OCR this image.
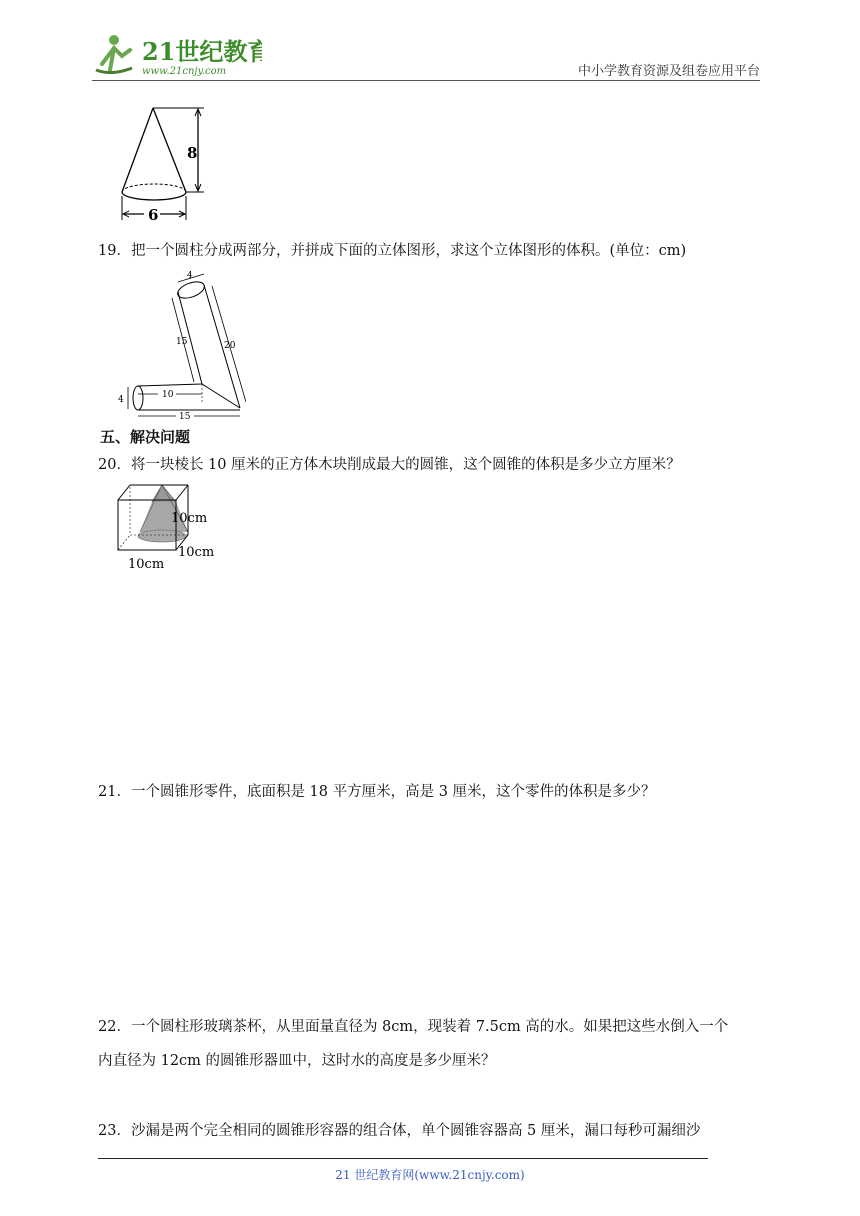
21世纪教育
www.21cnjy.com	中小学教育资源及组卷应用平台
8
6
19．把一个圆柱分成两部分，并拼成下面的立体图形，求这个立体图形的体积。(单位：cm)
4
15	20
4	10
15
五、解决问题
20．将一块棱长 10 厘米的正方体木块削成最大的圆锥，这个圆锥的体积是多少立方厘米？
10cm
10cm
10cm
21．一个圆锥形零件，底面积是 18 平方厘米，高是 3 厘米，这个零件的体积是多少？
22．一个圆柱形玻璃茶杯，从里面量直径为 8cm，现装着 7.5cm 高的水。如果把这些水倒入一个
内直径为 12cm 的圆锥形器皿中，这时水的高度是多少厘米？
23．沙漏是两个完全相同的圆锥形容器的组合体，单个圆锥容器高 5 厘米，漏口每秒可漏细沙
21 世纪教育网(www.21cnjy.com)
